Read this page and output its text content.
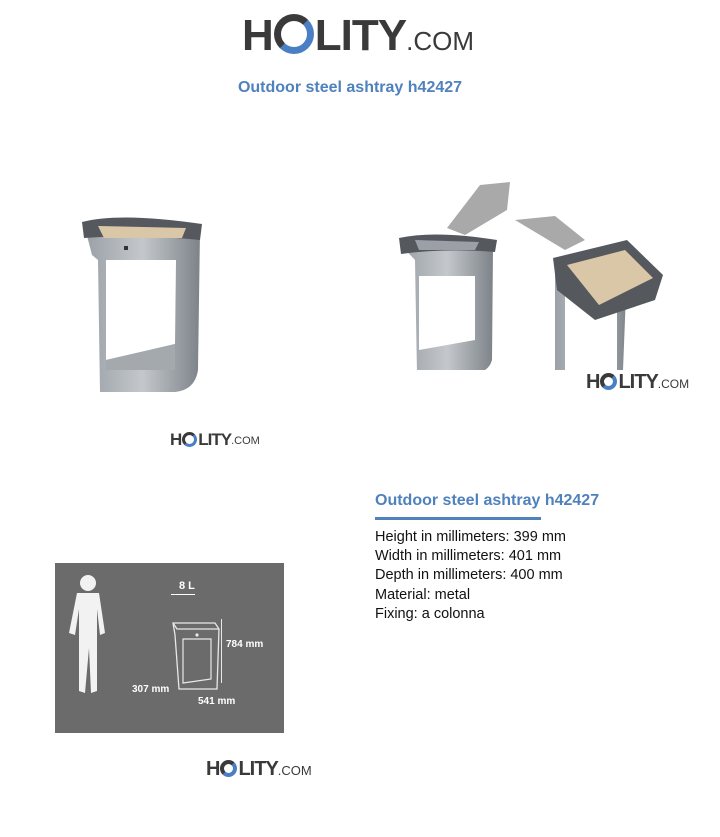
H LITY .COM
Outdoor steel ashtray h42427
H LITY .COM
H LITY .COM
Outdoor steel ashtray h42427
Height in millimeters: 399 mm
Width in millimeters: 401 mm
Depth in millimeters: 400 mm
Material: metal
Fixing: a colonna
8 L
784 mm
307 mm
541 mm
H LITY .COM
